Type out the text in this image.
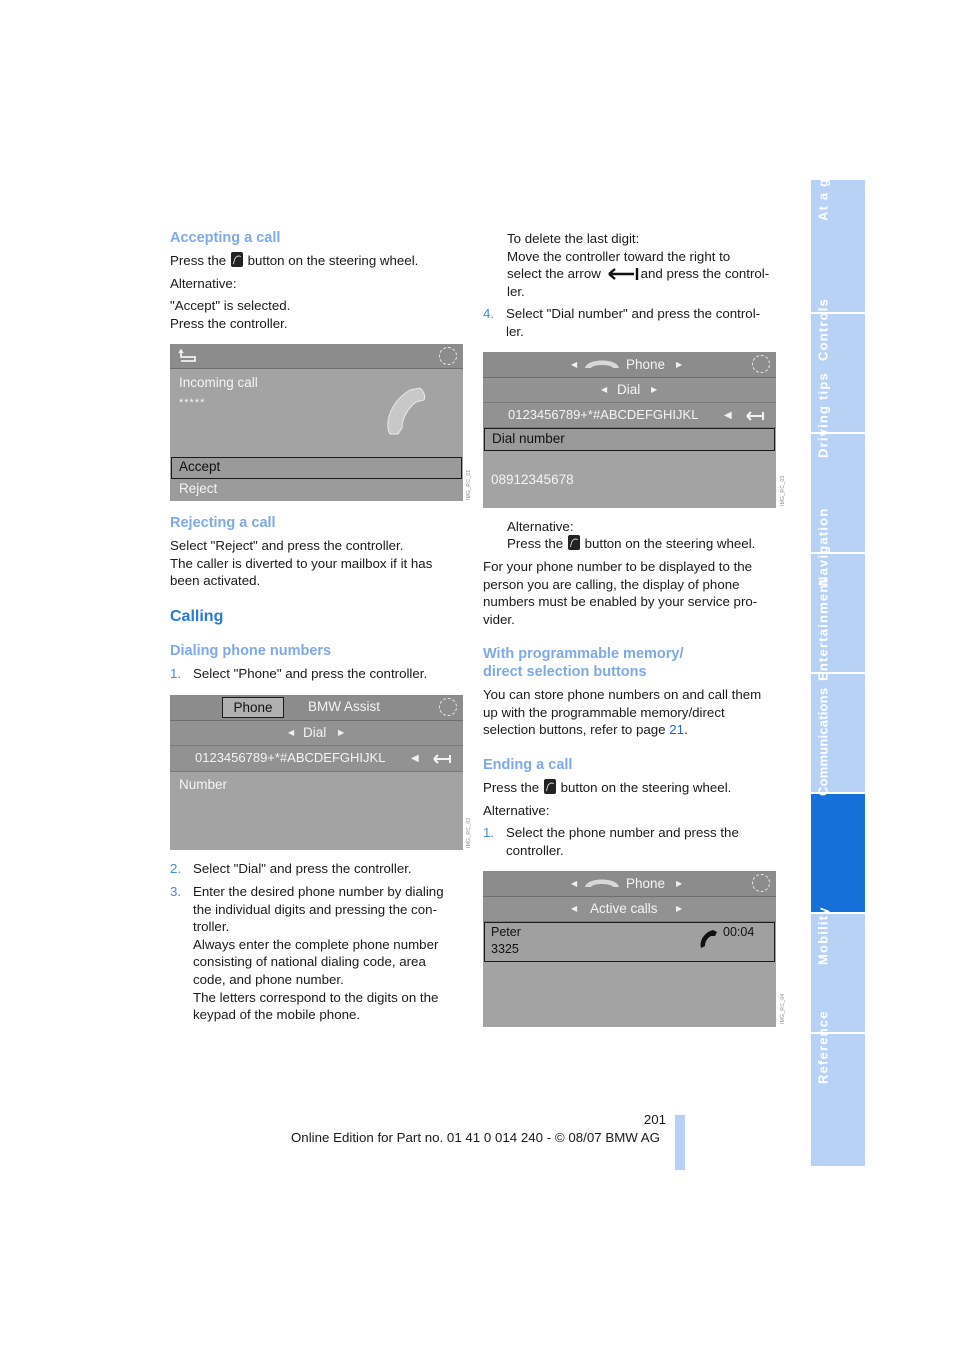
Accepting a call
Press the button on the steering wheel.
Alternative:
"Accept" is selected.
Press the controller.
Incoming call
*****
Accept
Reject	IMG_RC_01
Rejecting a call
Select "Reject" and press the controller.
The caller is diverted to your mailbox if it has
been activated.
Calling
Dialing phone numbers
1. Select "Phone" and press the controller.
Phone	BMW Assist
◀ Dial ▶
0123456789+*#ABCDEFGHIJKL	◀
Number
IMG_RC_02
2. Select "Dial" and press the controller.
3. Enter the desired phone number by dialing
the individual digits and pressing the con-
troller.
Always enter the complete phone number
consisting of national dialing code, area
code, and phone number.
The letters correspond to the digits on the
keypad of the mobile phone.
To delete the last digit:
Move the controller toward the right to
select the arrow	and press the control-
ler.
4. Select "Dial number" and press the control-
ler.
◀	Phone ▶
◀ Dial ▶
0123456789+*#ABCDEFGHIJKL	◀
Dial number
08912345678	IMG_RC_03
Alternative:
Press the button on the steering wheel.
For your phone number to be displayed to the
person you are calling, the display of phone
numbers must be enabled by your service pro-
vider.
With programmable memory/
direct selection buttons
You can store phone numbers on and call them
up with the programmable memory/direct
selection buttons, refer to page 21.
Ending a call
Press the button on the steering wheel.
Alternative:
1. Select the phone number and press the
controller.
◀	Phone ▶
◀ Active calls ▶
Peter
3325
00:04
IMG_RC_04
At a glance
Controls
Driving tips
Navigation
Entertainment
Communications
Mobility
Reference
201
Online Edition for Part no. 01 41 0 014 240 - © 08/07 BMW AG
